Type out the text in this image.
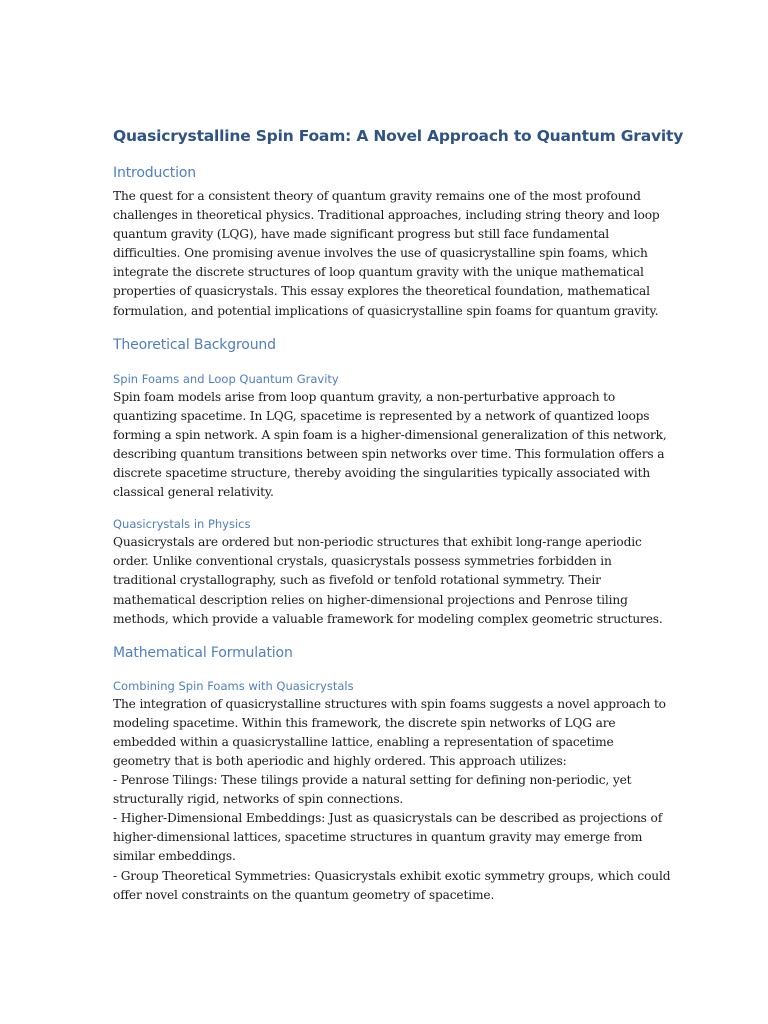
Quasicrystalline Spin Foam: A Novel Approach to Quantum Gravity
Introduction
The quest for a consistent theory of quantum gravity remains one of the most profound
challenges in theoretical physics. Traditional approaches, including string theory and loop
quantum gravity (LQG), have made significant progress but still face fundamental
difficulties. One promising avenue involves the use of quasicrystalline spin foams, which
integrate the discrete structures of loop quantum gravity with the unique mathematical
properties of quasicrystals. This essay explores the theoretical foundation, mathematical
formulation, and potential implications of quasicrystalline spin foams for quantum gravity.
Theoretical Background
Spin Foams and Loop Quantum Gravity
Spin foam models arise from loop quantum gravity, a non-perturbative approach to
quantizing spacetime. In LQG, spacetime is represented by a network of quantized loops
forming a spin network. A spin foam is a higher-dimensional generalization of this network,
describing quantum transitions between spin networks over time. This formulation offers a
discrete spacetime structure, thereby avoiding the singularities typically associated with
classical general relativity.
Quasicrystals in Physics
Quasicrystals are ordered but non-periodic structures that exhibit long-range aperiodic
order. Unlike conventional crystals, quasicrystals possess symmetries forbidden in
traditional crystallography, such as fivefold or tenfold rotational symmetry. Their
mathematical description relies on higher-dimensional projections and Penrose tiling
methods, which provide a valuable framework for modeling complex geometric structures.
Mathematical Formulation
Combining Spin Foams with Quasicrystals
The integration of quasicrystalline structures with spin foams suggests a novel approach to
modeling spacetime. Within this framework, the discrete spin networks of LQG are
embedded within a quasicrystalline lattice, enabling a representation of spacetime
geometry that is both aperiodic and highly ordered. This approach utilizes:
- Penrose Tilings: These tilings provide a natural setting for defining non-periodic, yet
structurally rigid, networks of spin connections.
- Higher-Dimensional Embeddings: Just as quasicrystals can be described as projections of
higher-dimensional lattices, spacetime structures in quantum gravity may emerge from
similar embeddings.
- Group Theoretical Symmetries: Quasicrystals exhibit exotic symmetry groups, which could
offer novel constraints on the quantum geometry of spacetime.
